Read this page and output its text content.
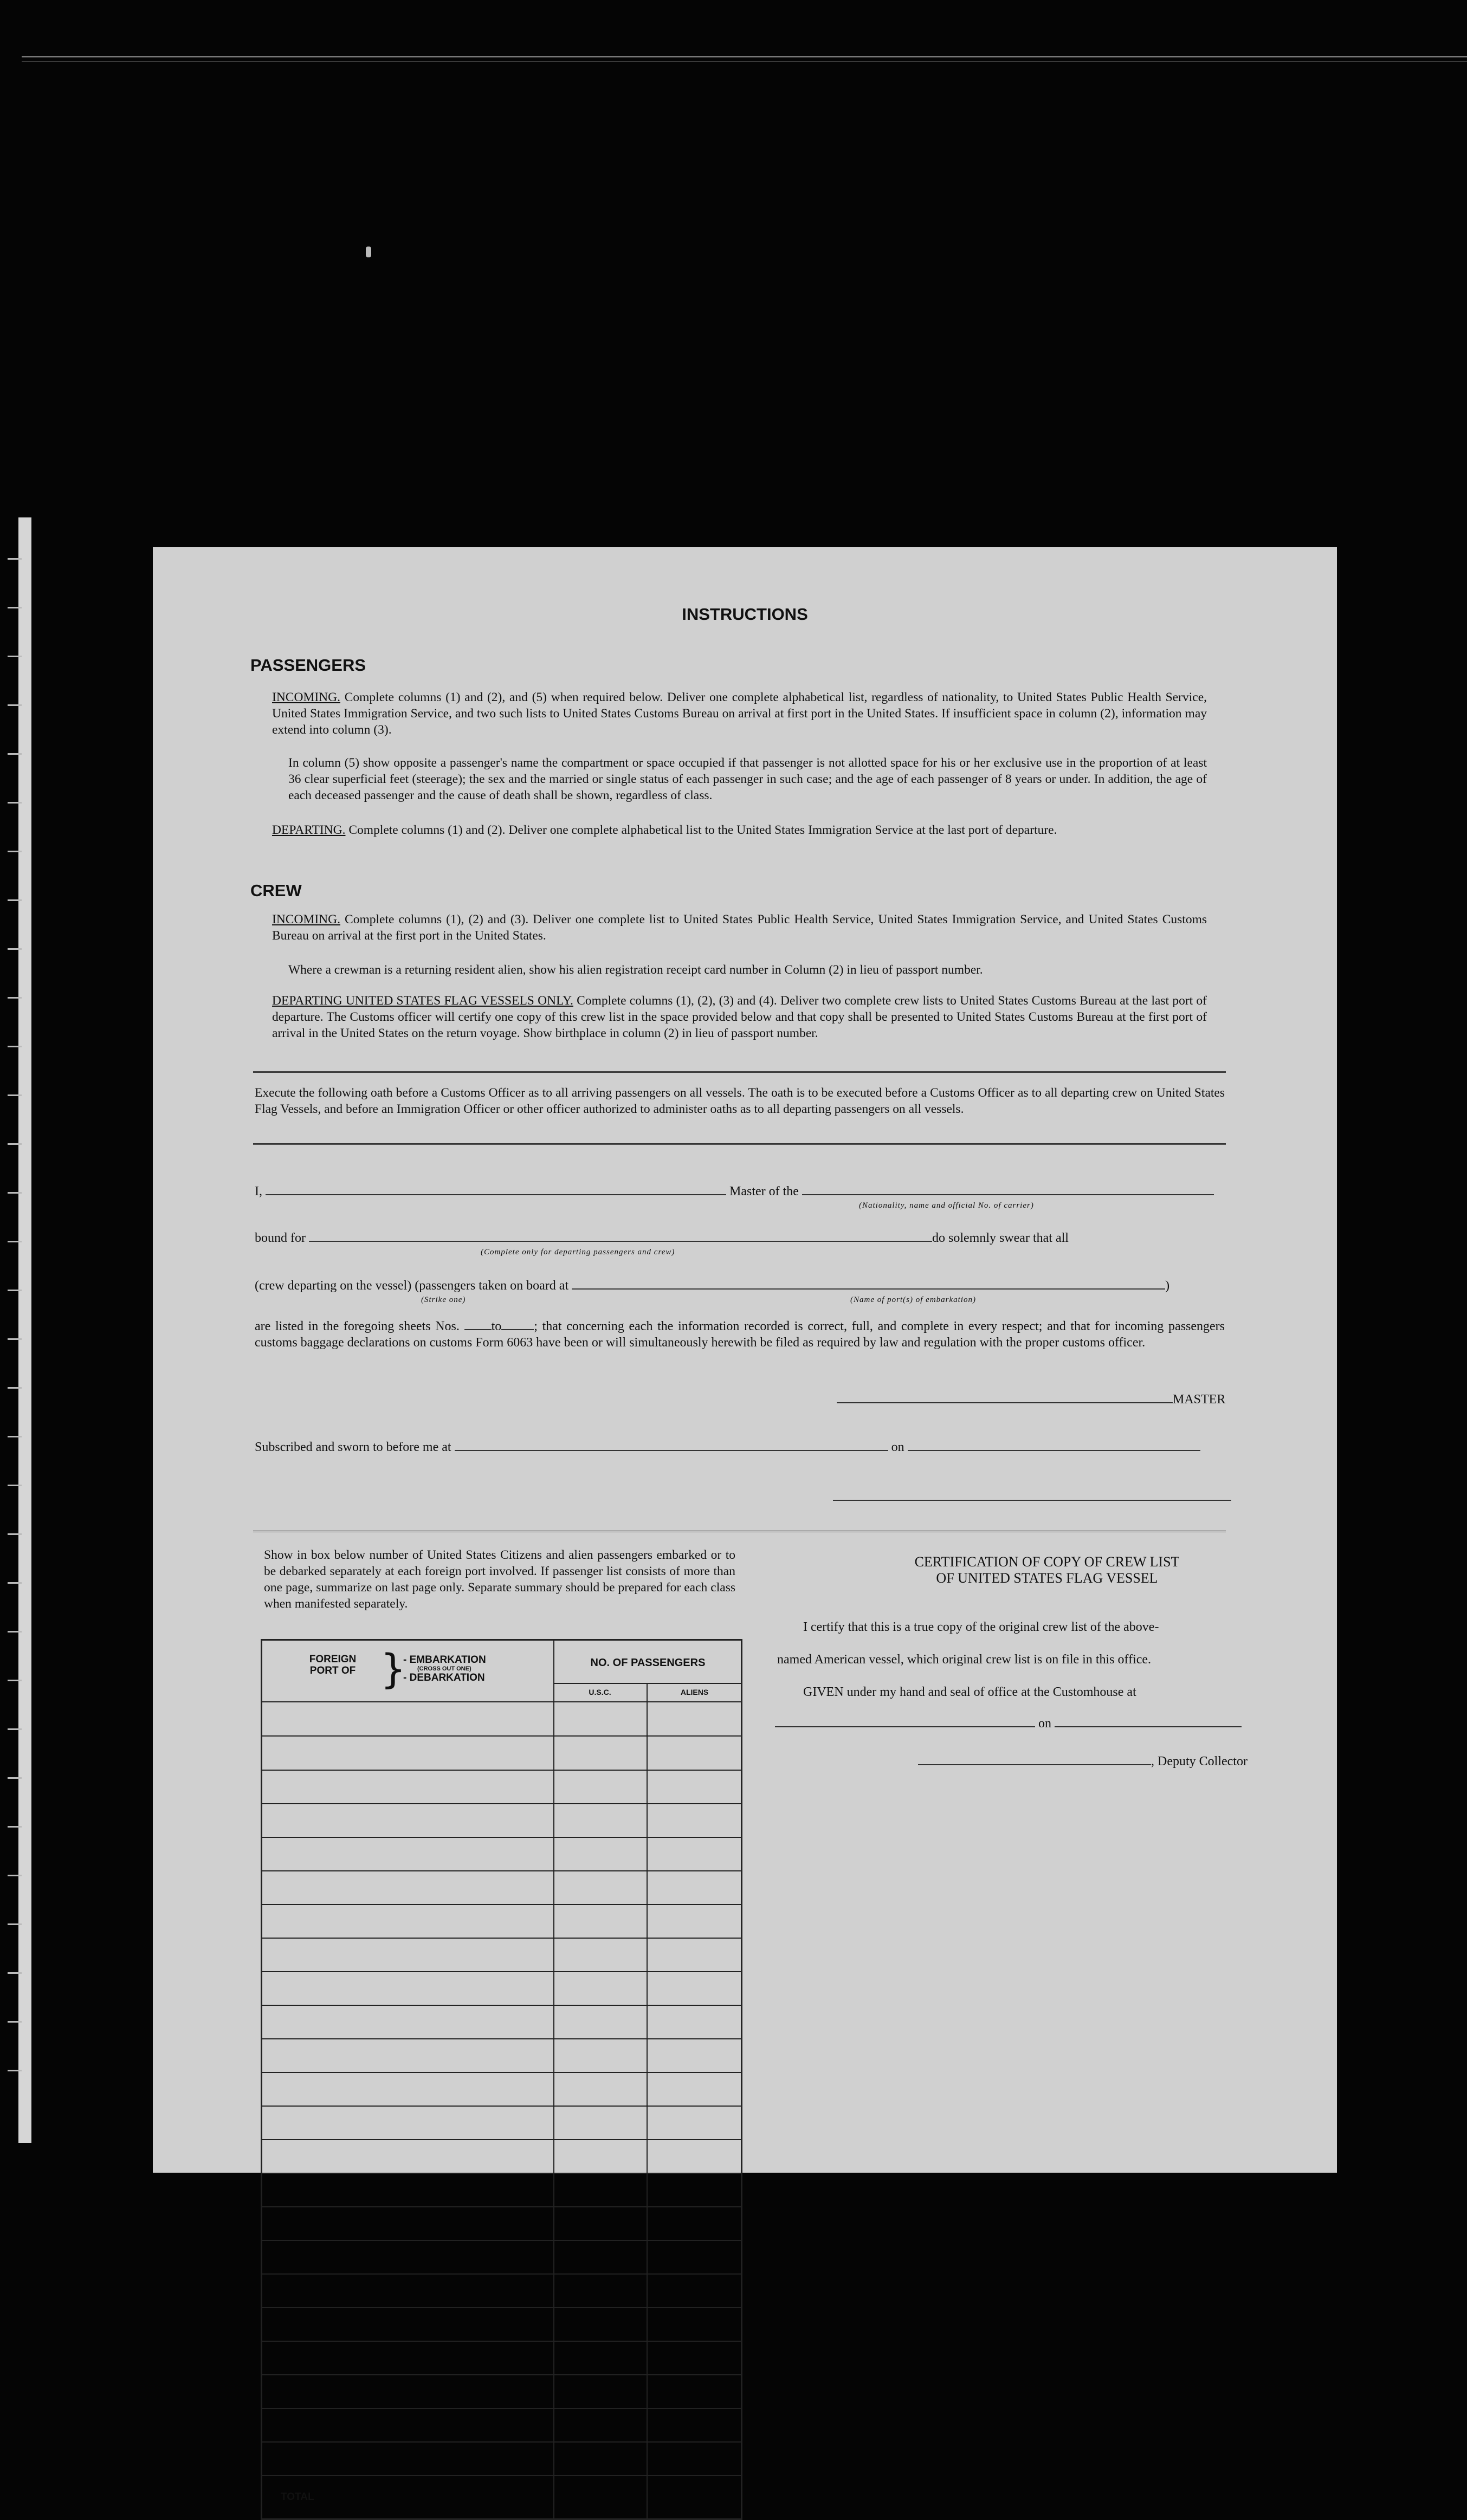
INSTRUCTIONS
PASSENGERS

INCOMING. Complete columns (1) and (2), and (5) when required below. Deliver one complete alphabetical list, regardless of nationality, to United States Public Health Service, United States Immigration Service, and two such lists to United States Customs Bureau on arrival at first port in the United States. If insufficient space in column (2), information may extend into column (3).

In column (5) show opposite a passenger's name the compartment or space occupied if that passenger is not allotted space for his or her exclusive use in the proportion of at least 36 clear superficial feet (steerage); the sex and the married or single status of each passenger in such case; and the age of each passenger of 8 years or under. In addition, the age of each deceased passenger and the cause of death shall be shown, regardless of class.

DEPARTING. Complete columns (1) and (2). Deliver one complete alphabetical list to the United States Immigration Service at the last port of departure.

CREW

INCOMING. Complete columns (1), (2) and (3). Deliver one complete list to United States Public Health Service, United States Immigration Service, and United States Customs Bureau on arrival at the first port in the United States.

Where a crewman is a returning resident alien, show his alien registration receipt card number in Column (2) in lieu of passport number.

DEPARTING UNITED STATES FLAG VESSELS ONLY. Complete columns (1), (2), (3) and (4). Deliver two complete crew lists to United States Customs Bureau at the last port of departure. The Customs officer will certify one copy of this crew list in the space provided below and that copy shall be presented to United States Customs Bureau at the first port of arrival in the United States on the return voyage. Show birthplace in column (2) in lieu of passport number.

Execute the following oath before a Customs Officer as to all arriving passengers on all vessels. The oath is to be executed before a Customs Officer as to all departing crew on United States Flag Vessels, and before an Immigration Officer or other officer authorized to administer oaths as to all departing passengers on all vessels.

I,	Master of the
(Nationality, name and official No. of carrier)
bound for	do solemnly swear that all
(Complete only for departing passengers and crew)
(crew departing on the vessel) (passengers taken on board at	)
(Strike one)	(Name of port(s) of embarkation)

are listed in the foregoing sheets Nos. to	; that concerning each the information recorded is correct, full, and complete in every respect; and that for incoming passengers customs baggage declarations on customs Form 6063 have been or will simultaneously herewith be filed as required by law and regulation with the proper customs officer.

MASTER
Subscribed and sworn to before me at	on

Show in box below number of United States Citizens and alien passengers embarked or to be debarked separately at each foreign port involved. If passenger list consists of more than one page, summarize on last page only. Separate summary should be prepared for each class when manifested separately.

FOREIGN PORT OF }
- EMBARKATION
(CROSS OUT ONE)
- DEBARKATION
NO. OF PASSENGERS
U.S.C.	ALIENS
TOTAL
CERTIFICATION OF COPY OF CREW LIST
OF UNITED STATES FLAG VESSEL
I certify that this is a true copy of the original crew list of the above-
named American vessel, which original crew list is on file in this office.
GIVEN under my hand and seal of office at the Customhouse at
on
, Deputy Collector
